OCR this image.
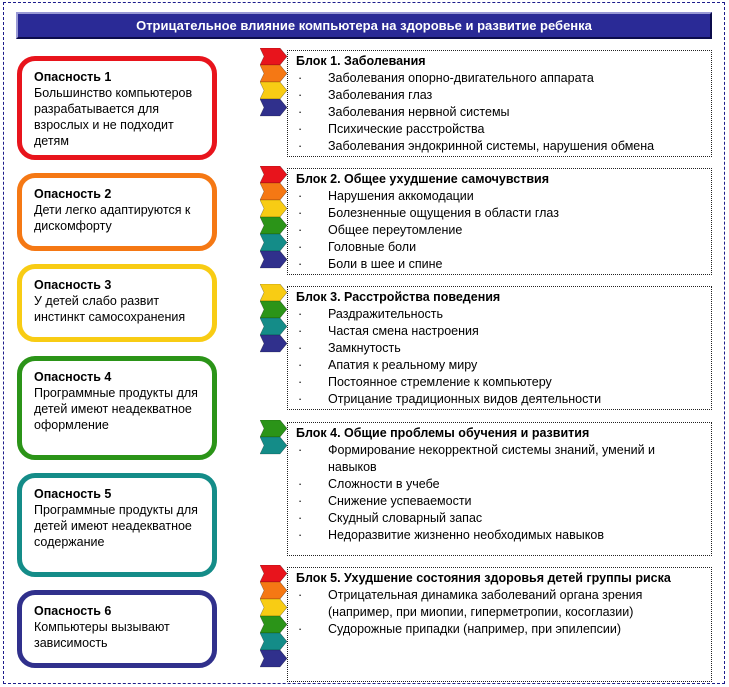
Отрицательное влияние компьютера на здоровье и развитие ребенка
Опасность 1
Большинство компьютеров разрабатывается для взрослых и не подходит детям
Опасность 2
Дети легко адаптируются к дискомфорту
Опасность 3
У детей слабо развит инстинкт самосохранения
Опасность 4
Программные продукты для детей имеют неадекватное оформление
Опасность 5
Программные продукты для детей имеют неадекватное содержание
Опасность 6
Компьютеры вызывают зависимость
Блок 1. Заболевания
· Заболевания опорно-двигательного аппарата
· Заболевания глаз
· Заболевания нервной системы
· Психические расстройства
· Заболевания эндокринной системы, нарушения обмена
Блок 2. Общее ухудшение самочувствия
· Нарушения аккомодации
· Болезненные ощущения в области глаз
· Общее переутомление
· Головные боли
· Боли в шее и спине
Блок 3. Расстройства поведения
· Раздражительность
· Частая смена настроения
· Замкнутость
· Апатия к реальному миру
· Постоянное стремление к компьютеру
· Отрицание традиционных видов деятельности
Блок 4. Общие проблемы обучения и развития
· Формирование некорректной системы знаний, умений и навыков
· Сложности в учебе
· Снижение успеваемости
· Скудный словарный запас
· Недоразвитие жизненно необходимых навыков
Блок 5. Ухудшение состояния здоровья детей группы риска
· Отрицательная динамика заболеваний органа зрения (например, при миопии, гиперметропии, косоглазии)
· Судорожные припадки (например, при эпилепсии)
